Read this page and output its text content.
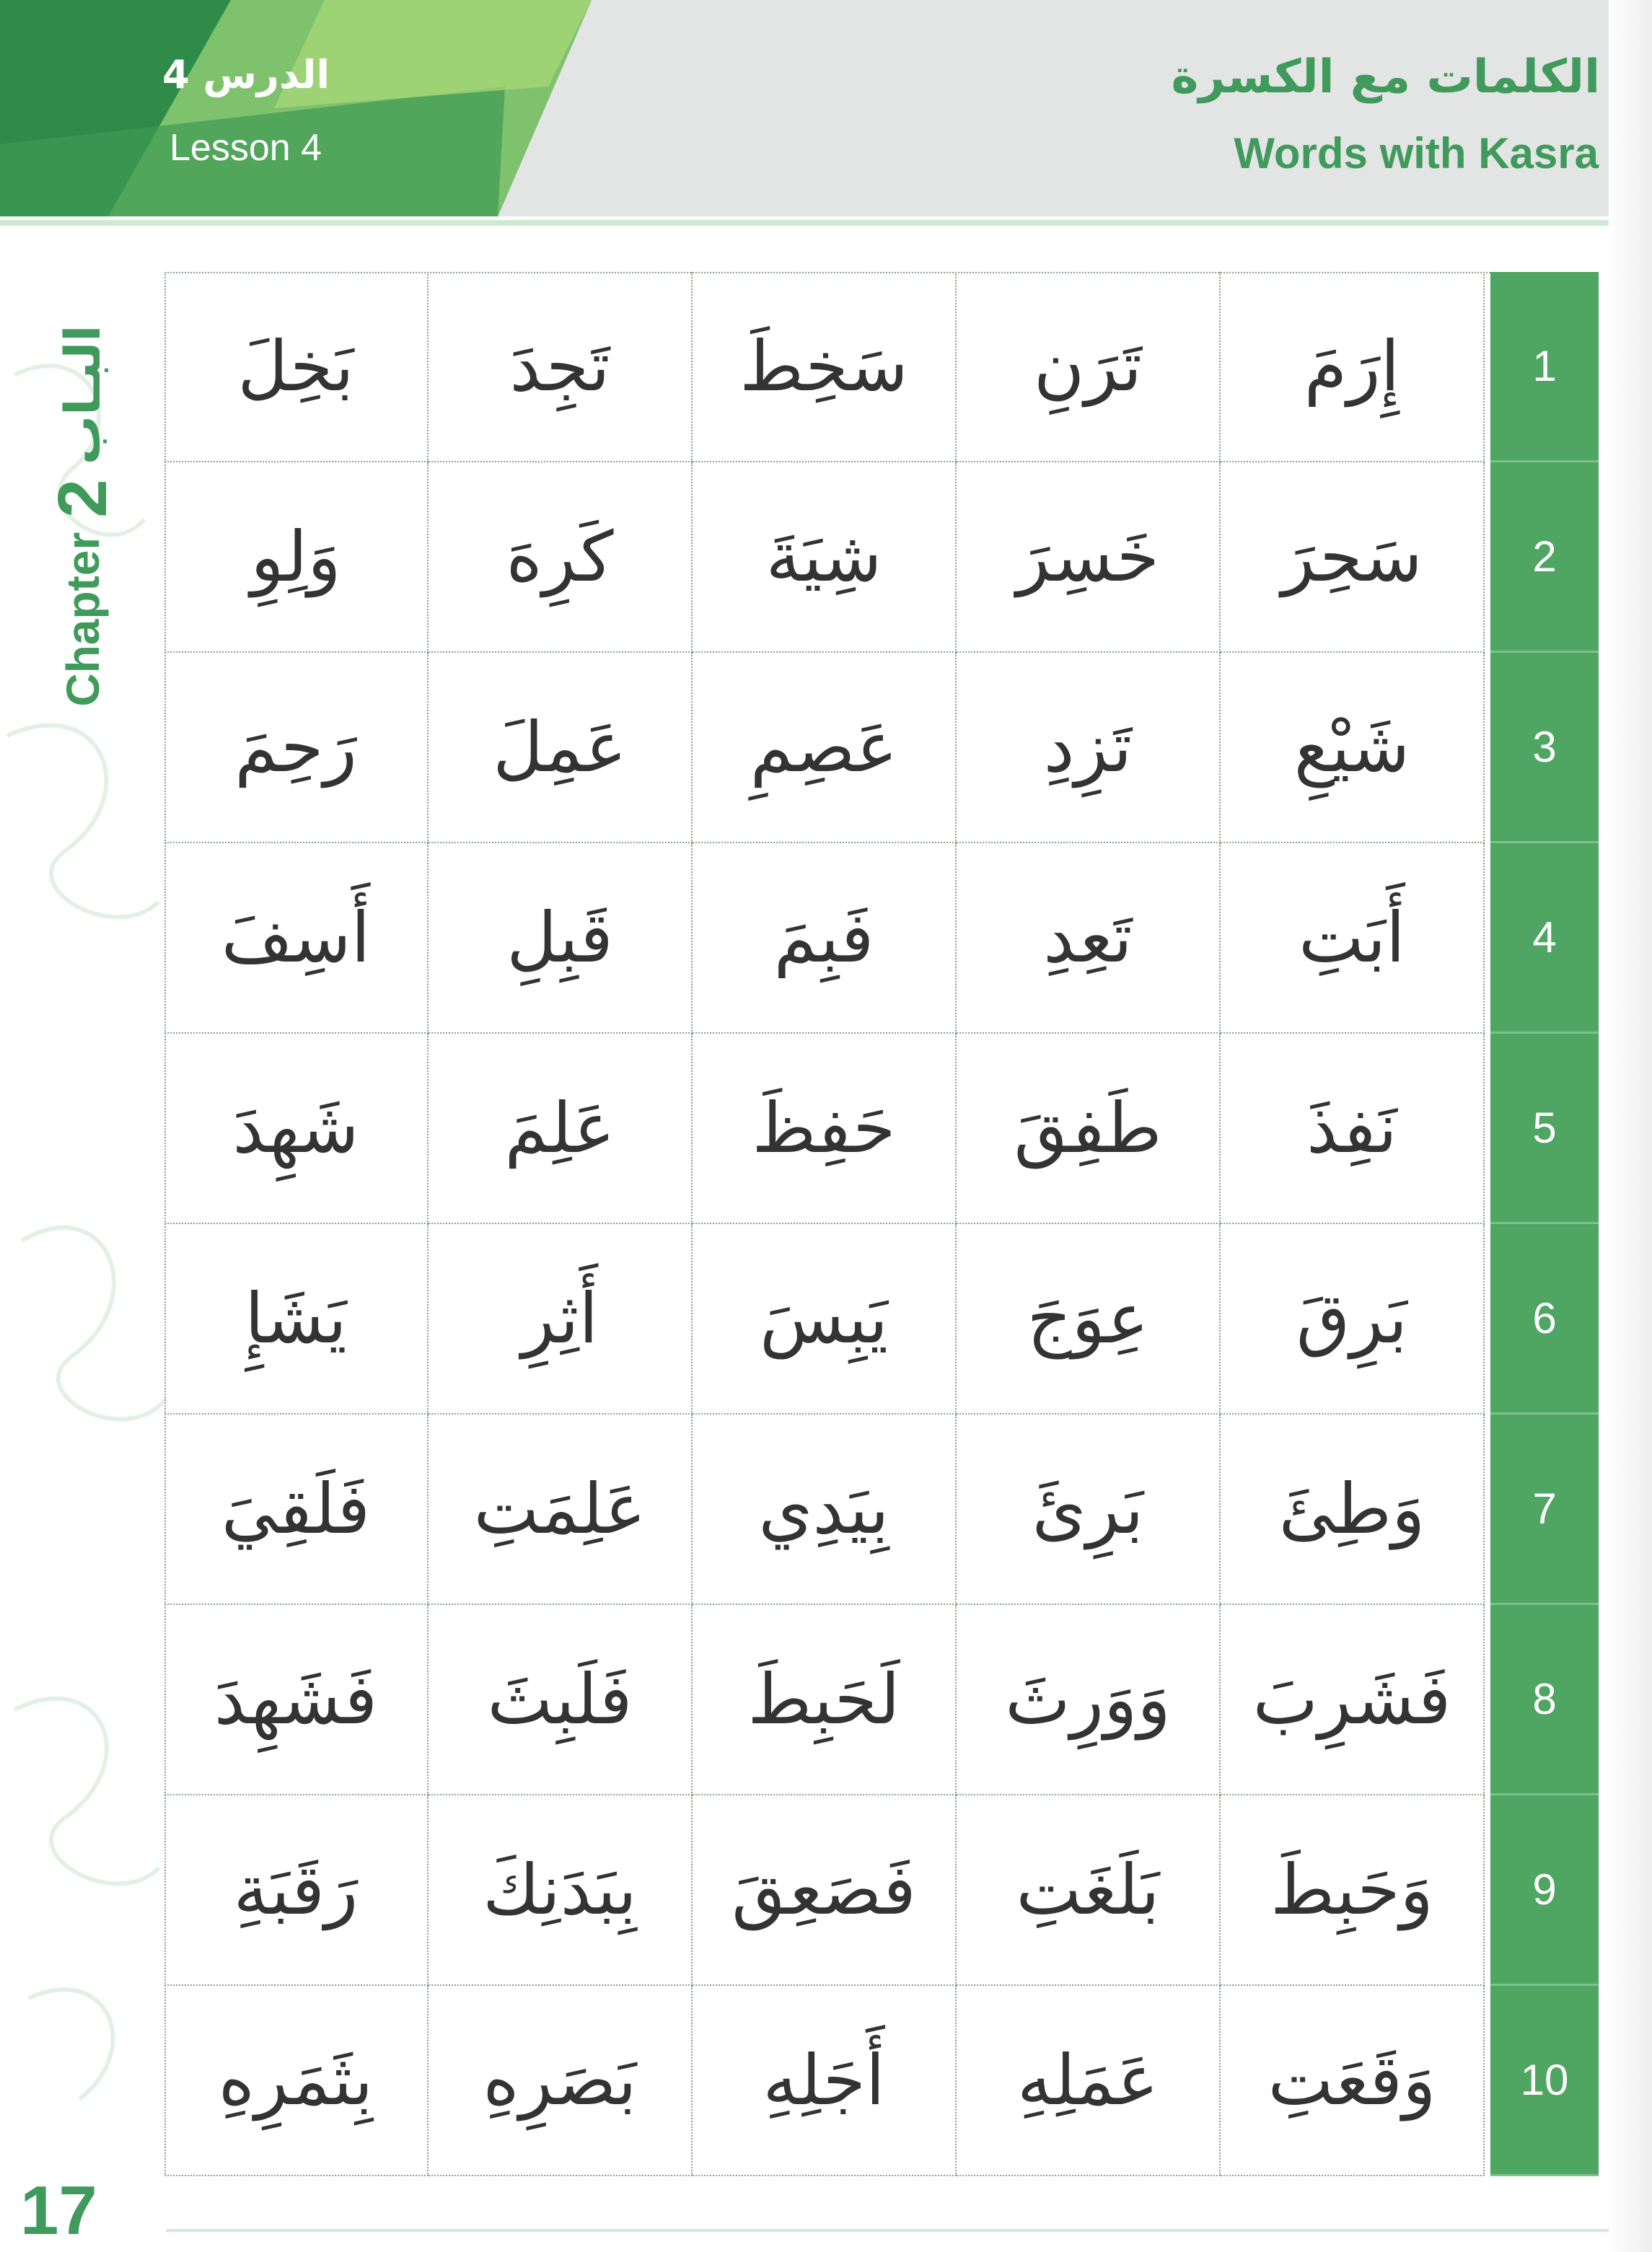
الدرس 4
Lesson 4
الكلمات مع الكسرة
Words with Kasra
Chapter
2
البـاب	إِرَمَ
تَرَنِ
سَخِطَ
تَجِدَ
بَخِلَ
سَحِرَ
خَسِرَ
شِيَةَ
كَرِهَ
وَلِوِ
شَيْعِ
تَزِدِ
عَصِمِ
عَمِلَ
رَحِمَ
أَبَتِ
تَعِدِ
فَبِمَ
قَبِلِ
أَسِفَ
نَفِذَ
طَفِقَ
حَفِظَ
عَلِمَ
شَهِدَ
بَرِقَ
عِوَجَ
يَبِسَ
أَثِرِ
يَشَإِ
وَطِئَ
بَرِئَ
بِيَدِي
عَلِمَتِ
فَلَقِيَ
فَشَرِبَ
وَوَرِثَ
لَحَبِطَ
فَلَبِثَ
فَشَهِدَ
وَحَبِطَ
بَلَغَتِ
فَصَعِقَ
بِبَدَنِكَ
رَقَبَةِ
وَقَعَتِ
عَمَلِهِ
أَجَلِهِ
بَصَرِهِ
بِثَمَرِهِ
1
2
3
4
5
6
7
8
9
10
17
